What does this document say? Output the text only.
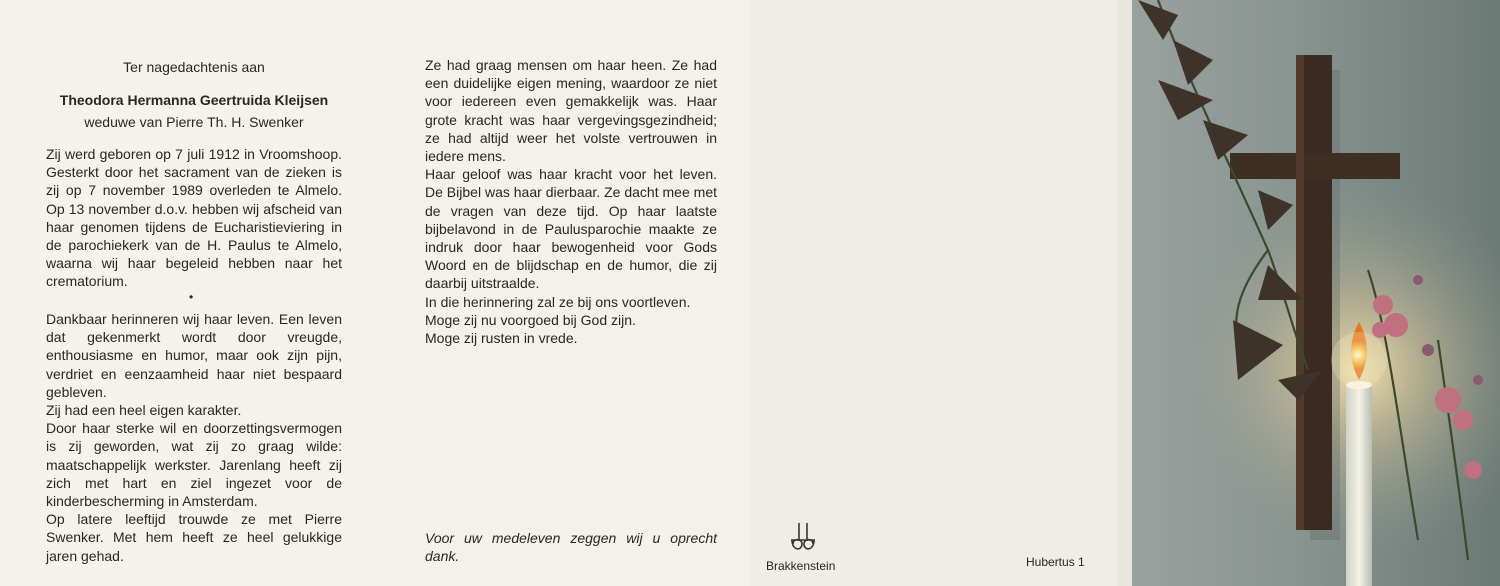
Ter nagedachtenis aan
Theodora Hermanna Geertruida Kleijsen
weduwe van Pierre Th. H. Swenker
Zij werd geboren op 7 juli 1912 in Vroomshoop. Gesterkt door het sacrament van de zieken is zij op 7 november 1989 overleden te Almelo. Op 13 november d.o.v. hebben wij afscheid van haar genomen tijdens de Eucharistieviering in de parochiekerk van de H. Paulus te Almelo, waarna wij haar begeleid hebben naar het crematorium.
•
Dankbaar herinneren wij haar leven. Een leven dat gekenmerkt wordt door vreugde, enthousiasme en humor, maar ook zijn pijn, verdriet en eenzaamheid haar niet bespaard gebleven.
Zij had een heel eigen karakter.
Door haar sterke wil en doorzettingsvermogen is zij geworden, wat zij zo graag wilde: maatschappelijk werkster. Jarenlang heeft zij zich met hart en ziel ingezet voor de kinderbescherming in Amsterdam.
Op latere leeftijd trouwde ze met Pierre Swenker. Met hem heeft ze heel gelukkige jaren gehad.
Ze had graag mensen om haar heen. Ze had een duidelijke eigen mening, waardoor ze niet voor iedereen even gemakkelijk was. Haar grote kracht was haar vergevingsgezindheid; ze had altijd weer het volste vertrouwen in iedere mens.
Haar geloof was haar kracht voor het leven. De Bijbel was haar dierbaar. Ze dacht mee met de vragen van deze tijd. Op haar laatste bijbelavond in de Paulusparochie maakte ze indruk door haar bewogenheid voor Gods Woord en de blijdschap en de humor, die zij daarbij uitstraalde.
In die herinnering zal ze bij ons voortleven.
Moge zij nu voorgoed bij God zijn.
Moge zij rusten in vrede.
Voor uw medeleven zeggen wij u oprecht dank.
Brakkenstein	Hubertus 1
